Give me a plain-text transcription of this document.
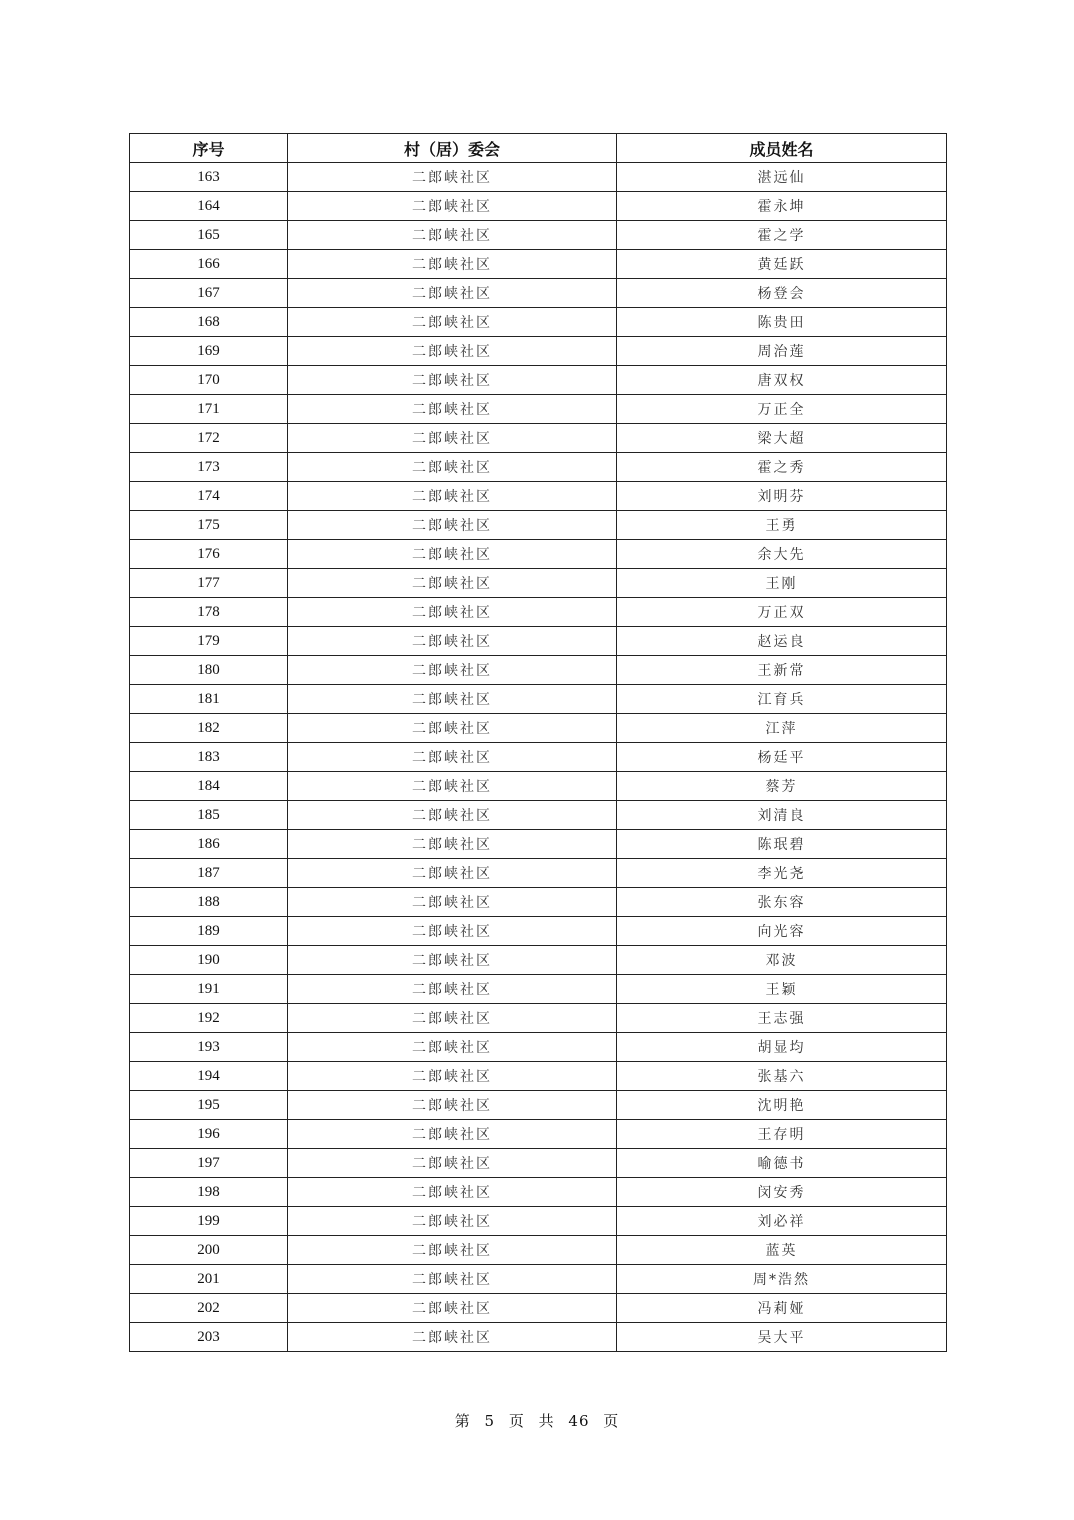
序号	村（居）委会	成员姓名
163	二郎峡社区	湛远仙
164	二郎峡社区	霍永坤
165	二郎峡社区	霍之学
166	二郎峡社区	黄廷跃
167	二郎峡社区	杨登会
168	二郎峡社区	陈贵田
169	二郎峡社区	周治莲
170	二郎峡社区	唐双权
171	二郎峡社区	万正全
172	二郎峡社区	梁大超
173	二郎峡社区	霍之秀
174	二郎峡社区	刘明芬
175	二郎峡社区	王勇
176	二郎峡社区	余大先
177	二郎峡社区	王刚
178	二郎峡社区	万正双
179	二郎峡社区	赵运良
180	二郎峡社区	王新常
181	二郎峡社区	江育兵
182	二郎峡社区	江萍
183	二郎峡社区	杨廷平
184	二郎峡社区	蔡芳
185	二郎峡社区	刘清良
186	二郎峡社区	陈珉碧
187	二郎峡社区	李光尧
188	二郎峡社区	张东容
189	二郎峡社区	向光容
190	二郎峡社区	邓波
191	二郎峡社区	王颖
192	二郎峡社区	王志强
193	二郎峡社区	胡显均
194	二郎峡社区	张基六
195	二郎峡社区	沈明艳
196	二郎峡社区	王存明
197	二郎峡社区	喻德书
198	二郎峡社区	闵安秀
199	二郎峡社区	刘必祥
200	二郎峡社区	蓝英
201	二郎峡社区	周*浩然
202	二郎峡社区	冯莉娅
203	二郎峡社区	吴大平
第 5 页 共 46 页
